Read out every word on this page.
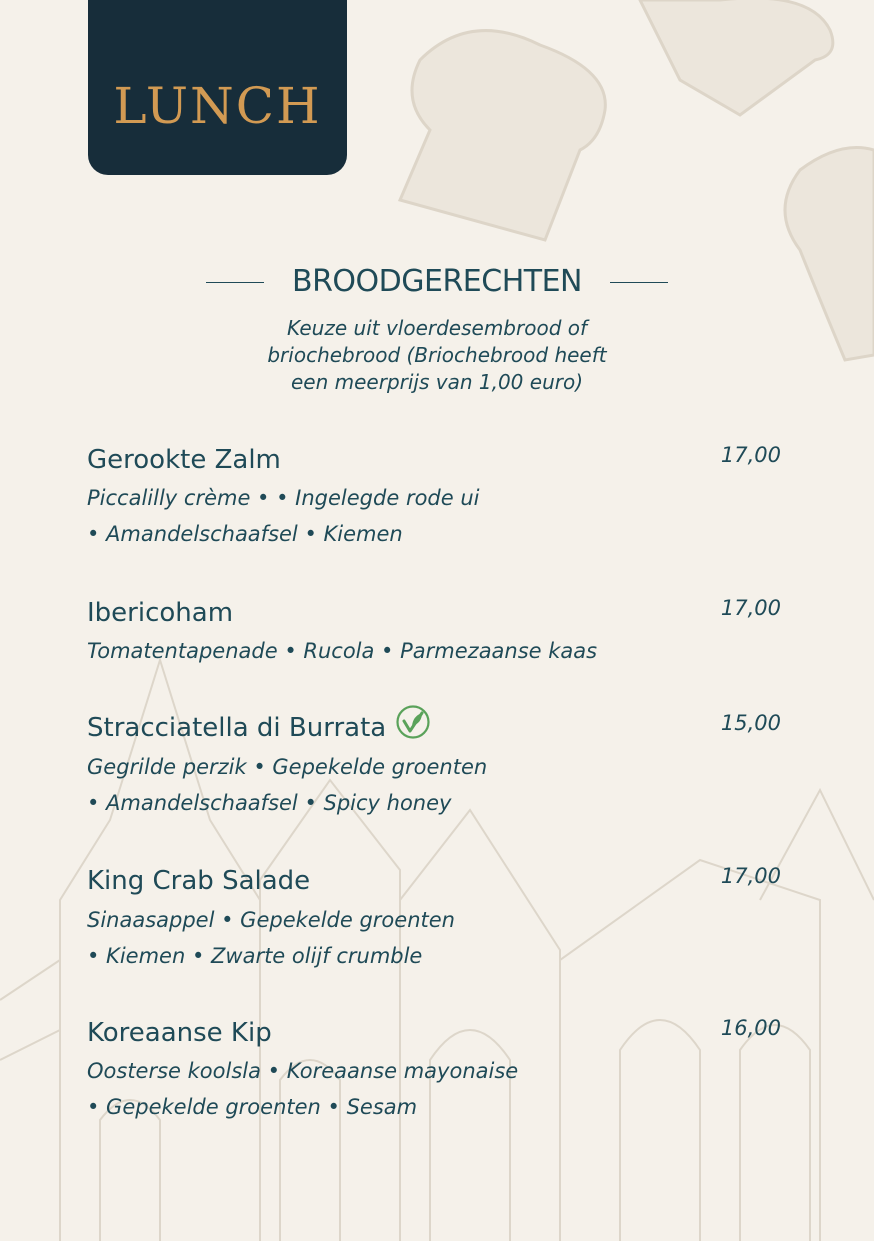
LUNCH
BROODGERECHTEN

Keuze uit vloerdesembrood of
briochebrood (Briochebrood heeft
een meerprijs van 1,00 euro)

Gerookte Zalm	17,00

Piccalilly crème • • Ingelegde rode ui

• Amandelschaafsel • Kiemen

Ibericoham	17,00

Tomatentapenade • Rucola • Parmezaanse kaas

Stracciatella di Burrata	15,00

Gegrilde perzik • Gepekelde groenten

• Amandelschaafsel • Spicy honey

King Crab Salade	17,00

Sinaasappel • Gepekelde groenten

• Kiemen • Zwarte olijf crumble

Koreaanse Kip	16,00

Oosterse koolsla • Koreaanse mayonaise

• Gepekelde groenten • Sesam
